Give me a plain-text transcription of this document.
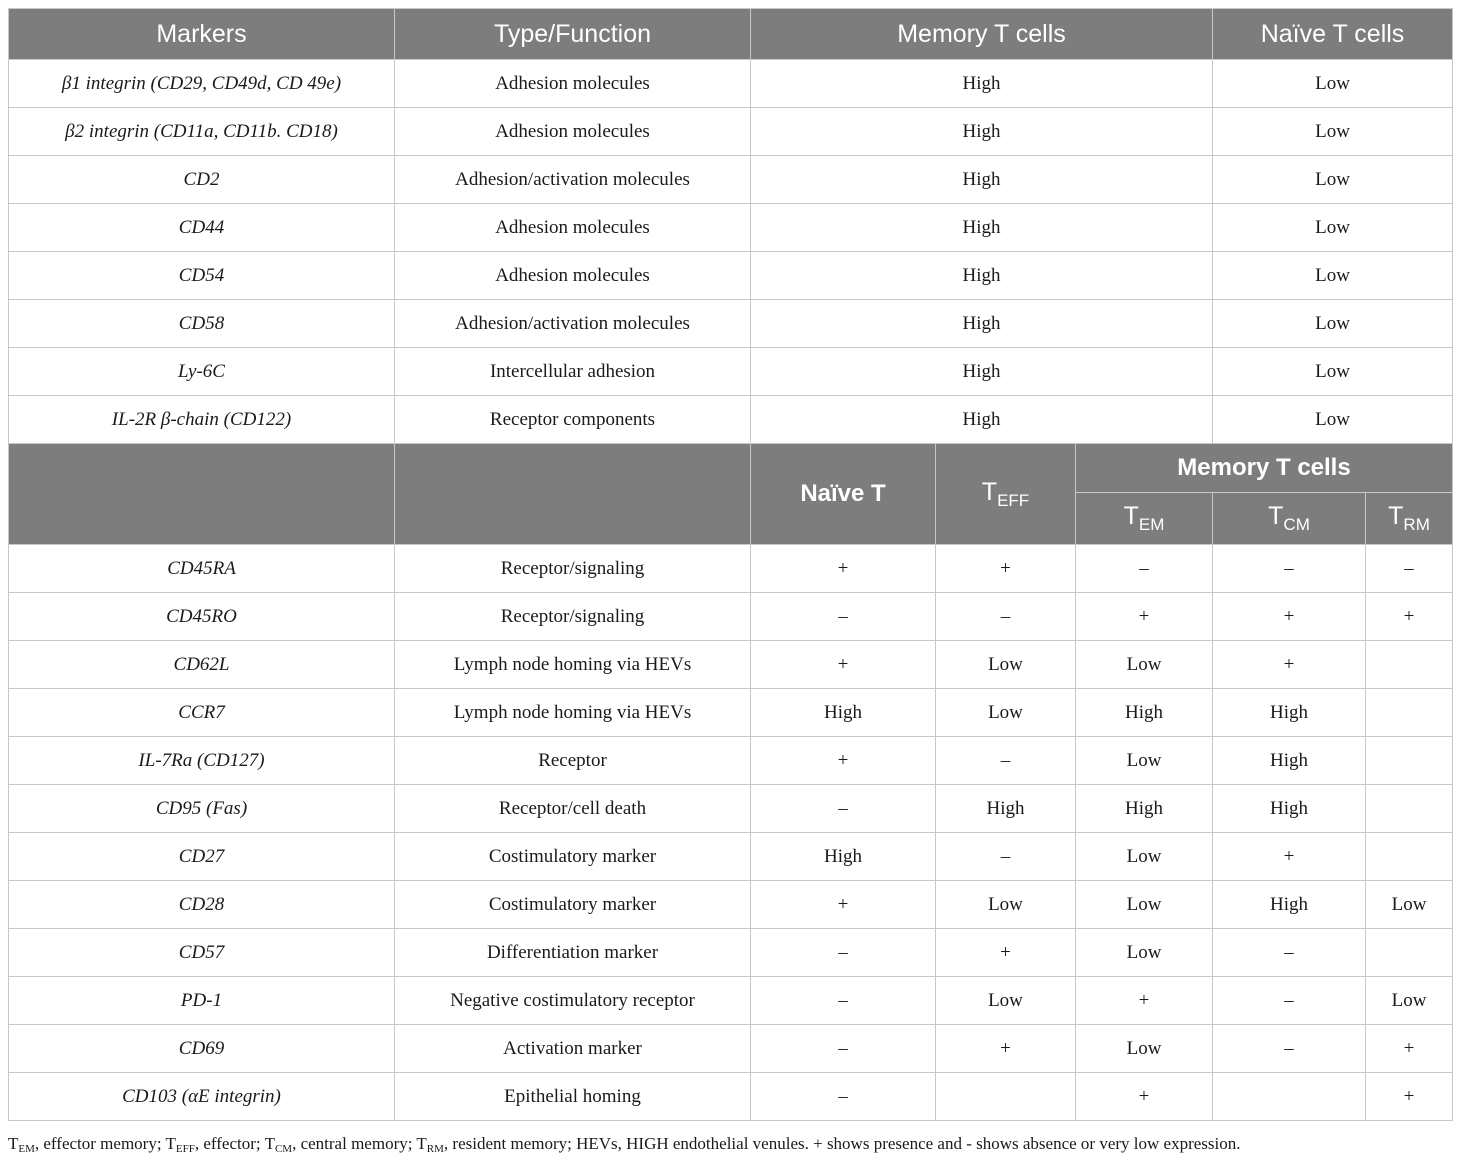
Markers	Type/Function	Memory T cells			Naïve T cells	
β1 integrin (CD29, CD49d, CD 49e)	Adhesion molecules	High			Low	
β2 integrin (CD11a, CD11b. CD18)	Adhesion molecules	High			Low	
CD2	Adhesion/activation molecules	High			Low	
CD44	Adhesion molecules	High			Low	
CD54	Adhesion molecules	High			Low	
CD58	Adhesion/activation molecules	High			Low	
Ly-6C	Intercellular adhesion	High			Low	
IL-2R β-chain (CD122)	Receptor components	High			Low	
		Naïve T	$T_{EFF}$	Memory T cells		
				$T_{EM}$	$T_{CM}$	$T_{RM}$
CD45RA	Receptor/signaling	+	+	–	–	–
CD45RO	Receptor/signaling	–	–	+	+	+
CD62L	Lymph node homing via HEVs	+	Low	Low	+	
CCR7	Lymph node homing via HEVs	High	Low	High	High	
IL-7Ra (CD127)	Receptor	+	–	Low	High	
CD95 (Fas)	Receptor/cell death	–	High	High	High	
CD27	Costimulatory marker	High	–	Low	+	
CD28	Costimulatory marker	+	Low	Low	High	Low
CD57	Differentiation marker	–	+	Low	–	
PD-1	Negative costimulatory receptor	–	Low	+	–	Low
CD69	Activation marker	–	+	Low	–	+
CD103 (αE integrin)	Epithelial homing	–		+		+
TEM, effector memory; TEFF, effector; TCM, central memory; TRM, resident memory; HEVs, HIGH endothelial venules. + shows presence and - shows absence or very low expression.
